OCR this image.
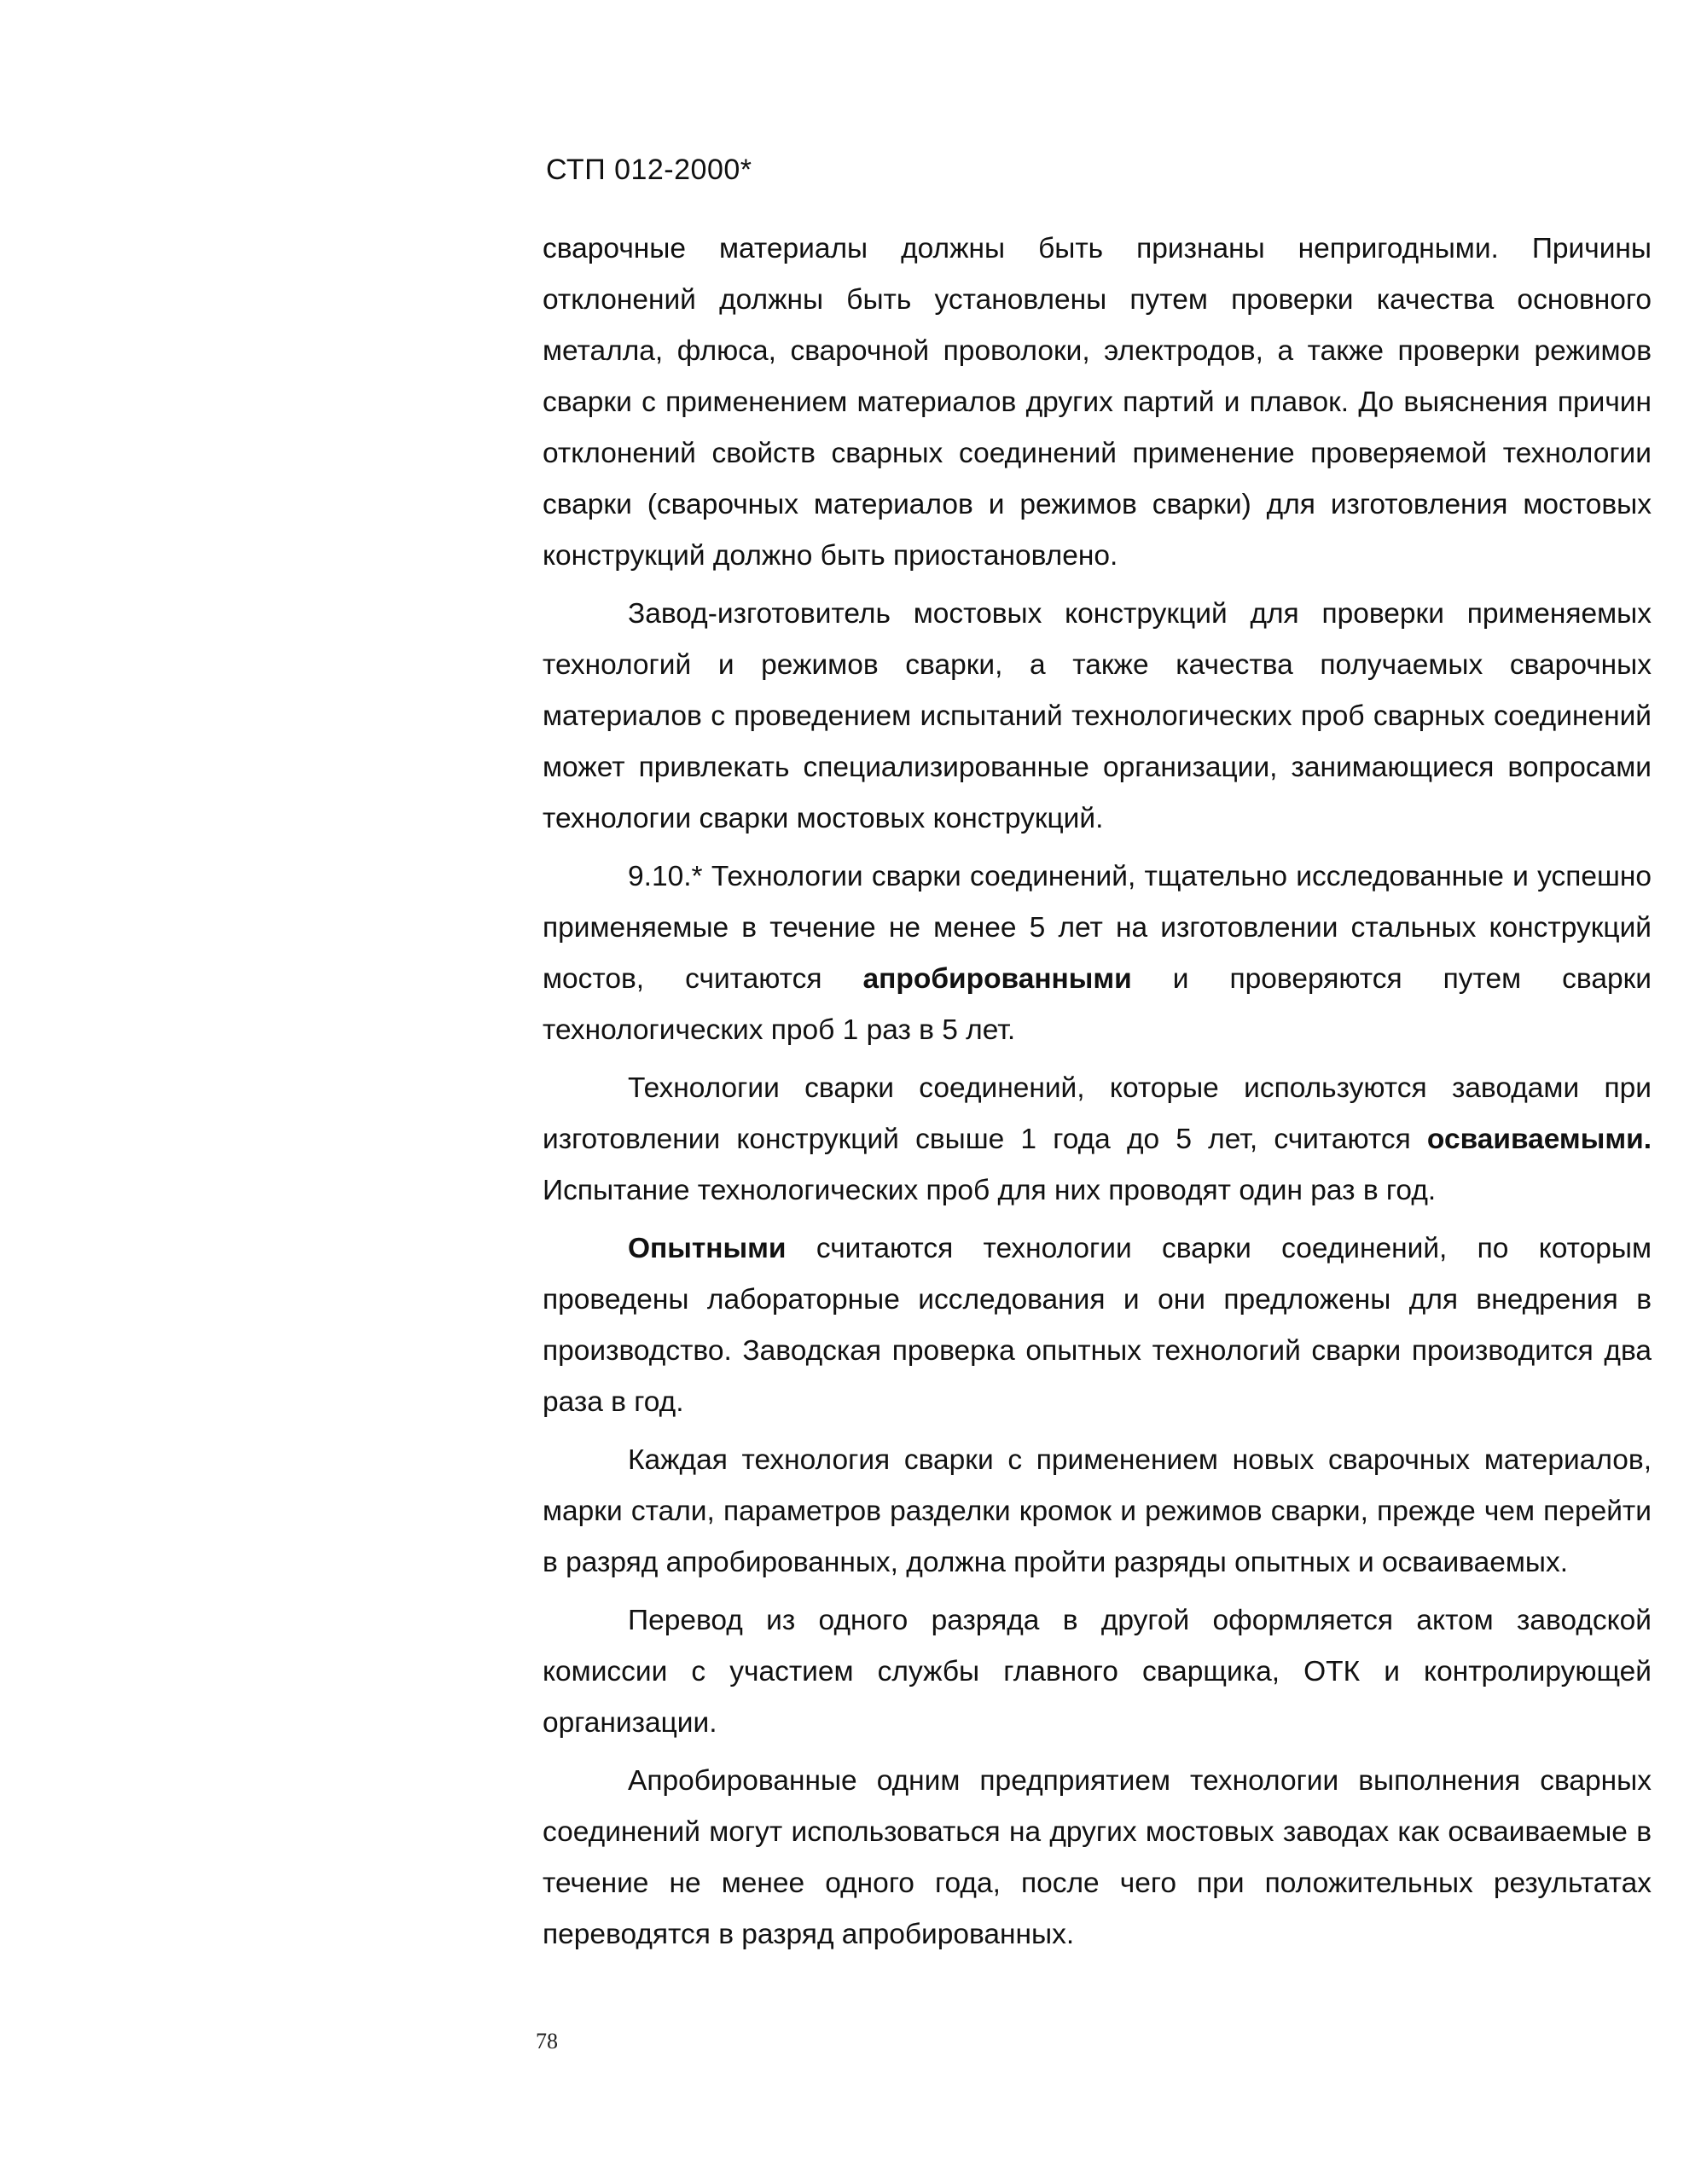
СТП 012-2000*

сварочные материалы должны быть признаны непригодными. Причины отклонений должны быть установлены путем проверки качества основного металла, флюса, сварочной проволоки, электродов, а также проверки режимов сварки с применением материалов других партий и плавок. До выяснения причин отклонений свойств сварных соединений применение проверяемой технологии сварки (сварочных материалов и режимов сварки) для изготовления мостовых конструкций должно быть приостановлено.

Завод-изготовитель мостовых конструкций для проверки применяемых технологий и режимов сварки, а также качества получаемых сварочных материалов с проведением испытаний технологических проб сварных соединений может привлекать специализированные организации, занимающиеся вопросами технологии сварки мостовых конструкций.

9.10.* Технологии сварки соединений, тщательно исследованные и успешно применяемые в течение не менее 5 лет на изготовлении стальных конструкций мостов, считаются апробированными и проверяются путем сварки технологических проб 1 раз в 5 лет.

Технологии сварки соединений, которые используются заводами при изготовлении конструкций свыше 1 года до 5 лет, считаются осваиваемыми. Испытание технологических проб для них проводят один раз в год.

Опытными считаются технологии сварки соединений, по которым проведены лабораторные исследования и они предложены для внедрения в производство. Заводская проверка опытных технологий сварки производится два раза в год.

Каждая технология сварки с применением новых сварочных материалов, марки стали, параметров разделки кромок и режимов сварки, прежде чем перейти в разряд апробированных, должна пройти разряды опытных и осваиваемых.

Перевод из одного разряда в другой оформляется актом заводской комиссии с участием службы главного сварщика, ОТК и контролирующей организации.

Апробированные одним предприятием технологии выполнения сварных соединений могут использоваться на других мостовых заводах как осваиваемые в течение не менее одного года, после чего при положительных результатах переводятся в разряд апробированных.

78
